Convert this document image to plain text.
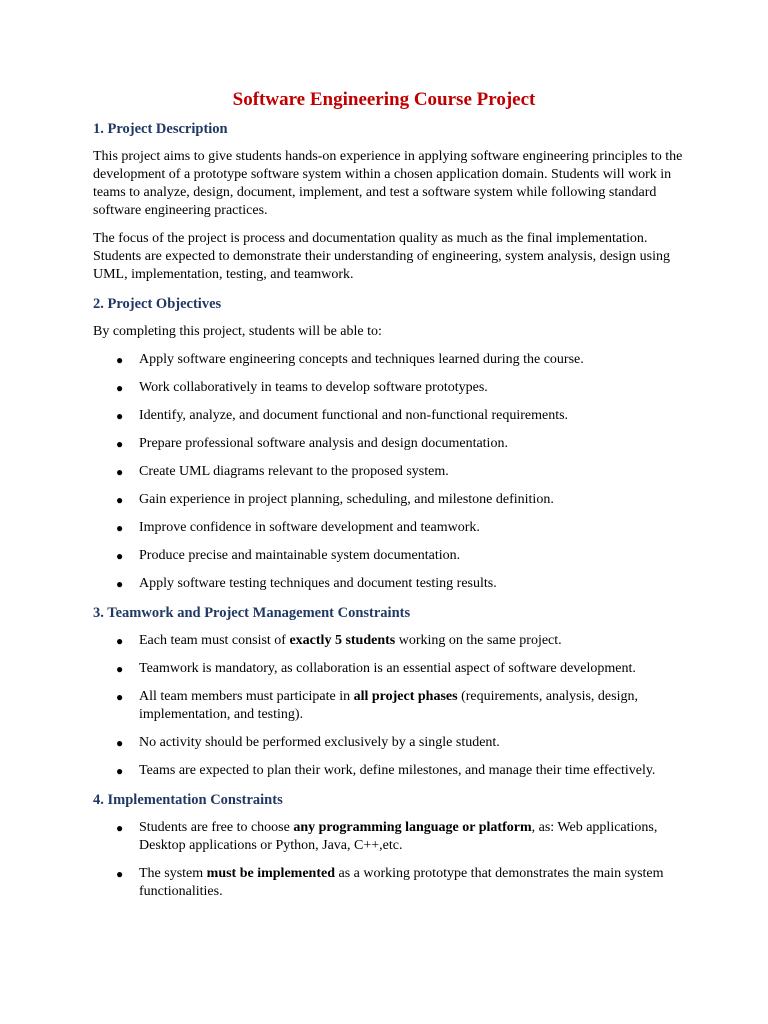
Software Engineering Course Project
1. Project Description

This project aims to give students hands-on experience in applying software engineering principles to the development of a prototype software system within a chosen application domain. Students will work in teams to analyze, design, document, implement, and test a software system while following standard software engineering practices.

The focus of the project is process and documentation quality as much as the final implementation. Students are expected to demonstrate their understanding of engineering, system analysis, design using UML, implementation, testing, and teamwork.

2. Project Objectives

By completing this project, students will be able to:

● Apply software engineering concepts and techniques learned during the course.
● Work collaboratively in teams to develop software prototypes.
● Identify, analyze, and document functional and non-functional requirements.
● Prepare professional software analysis and design documentation.
● Create UML diagrams relevant to the proposed system.
● Gain experience in project planning, scheduling, and milestone definition.
● Improve confidence in software development and teamwork.
● Produce precise and maintainable system documentation.
● Apply software testing techniques and document testing results.
3. Teamwork and Project Management Constraints
● Each team must consist of exactly 5 students working on the same project.
● Teamwork is mandatory, as collaboration is an essential aspect of software development.
● All team members must participate in all project phases (requirements, analysis, design, implementation, and testing).
● No activity should be performed exclusively by a single student.
● Teams are expected to plan their work, define milestones, and manage their time effectively.
4. Implementation Constraints
● Students are free to choose any programming language or platform, as: Web applications, Desktop applications or Python, Java, C++,etc.
● The system must be implemented as a working prototype that demonstrates the main system functionalities.
